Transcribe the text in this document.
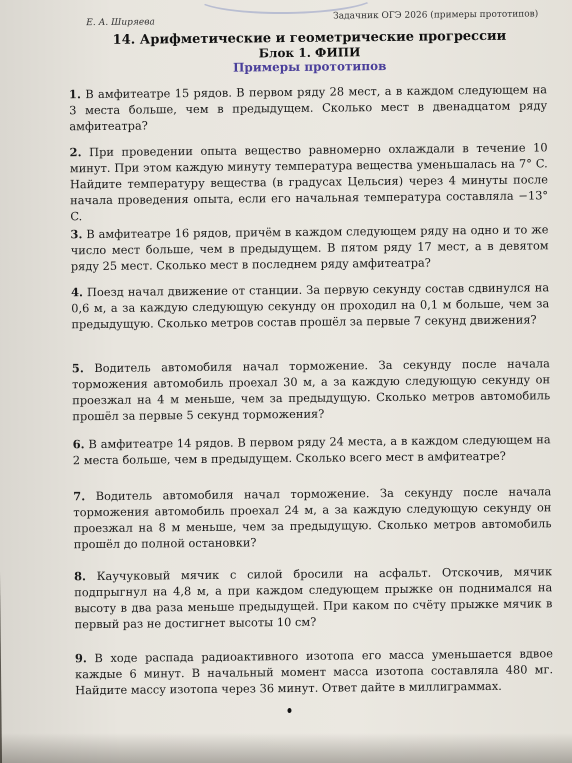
Е. А. Ширяева
Задачник ОГЭ 2026 (примеры прототипов)
14. Арифметические и геометрические прогрессии
Блок 1. ФИПИ
Примеры прототипов
1. В амфитеатре 15 рядов. В первом ряду 28 мест, а в каждом следующем на 3 места больше, чем в предыдущем. Сколько мест в двенадцатом ряду амфитеатра?
2. При проведении опыта вещество равномерно охлаждали в течение 10 минут. При этом каждую минуту температура вещества уменьшалась на 7° C. Найдите температуру вещества (в градусах Цельсия) через 4 минуты после начала проведения опыта, если его начальная температура составляла −13° C.
3. В амфитеатре 16 рядов, причём в каждом следующем ряду на одно и то же число мест больше, чем в предыдущем. В пятом ряду 17 мест, а в девятом ряду 25 мест. Сколько мест в последнем ряду амфитеатра?
4. Поезд начал движение от станции. За первую секунду состав сдвинулся на 0,6 м, а за каждую следующую секунду он проходил на 0,1 м больше, чем за предыдущую. Сколько метров состав прошёл за первые 7 секунд движения?
5. Водитель автомобиля начал торможение. За секунду после начала торможения автомобиль проехал 30 м, а за каждую следующую секунду он проезжал на 4 м меньше, чем за предыдущую. Сколько метров автомобиль прошёл за первые 5 секунд торможения?
6. В амфитеатре 14 рядов. В первом ряду 24 места, а в каждом следующем на 2 места больше, чем в предыдущем. Сколько всего мест в амфитеатре?
7. Водитель автомобиля начал торможение. За секунду после начала торможения автомобиль проехал 24 м, а за каждую следующую секунду он проезжал на 8 м меньше, чем за предыдущую. Сколько метров автомобиль прошёл до полной остановки?
8. Каучуковый мячик с силой бросили на асфальт. Отскочив, мячик подпрыгнул на 4,8 м, а при каждом следующем прыжке он поднимался на высоту в два раза меньше предыдущей. При каком по счёту прыжке мячик в первый раз не достигнет высоты 10 см?
9. В ходе распада радиоактивного изотопа его масса уменьшается вдвое каждые 6 минут. В начальный момент масса изотопа составляла 480 мг. Найдите массу изотопа через 36 минут. Ответ дайте в миллиграммах.
